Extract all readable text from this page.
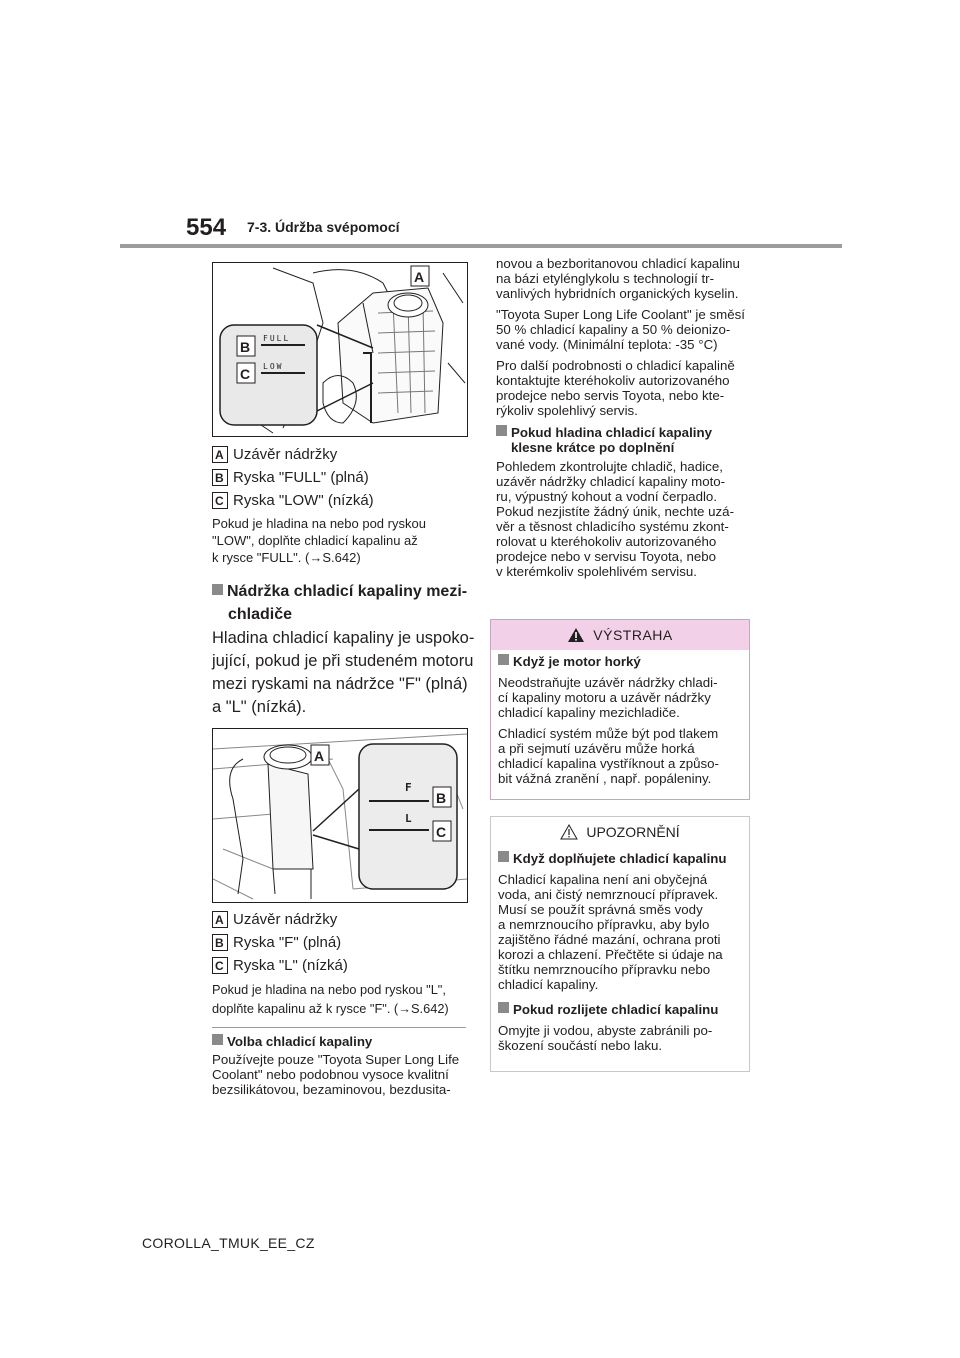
554 7-3. Údržba svépomocí
FULL
LOW
A
B
C
A Uzávěr nádržky
B Ryska "FULL" (plná)
C Ryska "LOW" (nízká)
Pokud je hladina na nebo pod ryskou
"LOW", doplňte chladicí kapalinu až
k rysce "FULL". (→S.642)
Nádržka chladicí kapaliny mezi-
chladiče
Hladina chladicí kapaliny je uspoko-
jující, pokud je při studeném motoru
mezi ryskami na nádržce "F" (plná)
a "L" (nízká).
F
L
A
B
C
A Uzávěr nádržky
B Ryska "F" (plná)
C Ryska "L" (nízká)
Pokud je hladina na nebo pod ryskou "L",
doplňte kapalinu až k rysce "F". (→S.642)
Volba chladicí kapaliny
Používejte pouze "Toyota Super Long Life
Coolant" nebo podobnou vysoce kvalitní
bezsilikátovou, bezaminovou, bezdusita-
novou a bezboritanovou chladicí kapalinu
na bázi etylénglykolu s technologií tr-
vanlivých hybridních organických kyselin.
"Toyota Super Long Life Coolant" je směsí
50 % chladicí kapaliny a 50 % deionizo-
vané vody. (Minimální teplota: -35 °C)
Pro další podrobnosti o chladicí kapalině
kontaktujte kteréhokoliv autorizovaného
prodejce nebo servis Toyota, nebo kte-
rýkoliv spolehlivý servis.
Pokud hladina chladicí kapaliny
klesne krátce po doplnění
Pohledem zkontrolujte chladič, hadice,
uzávěr nádržky chladicí kapaliny moto-
ru, výpustný kohout a vodní čerpadlo.
Pokud nezjistíte žádný únik, nechte uzá-
věr a těsnost chladicího systému zkont-
rolovat u kteréhokoliv autorizovaného
prodejce nebo v servisu Toyota, nebo
v kterémkoliv spolehlivém servisu.
VÝSTRAHA

Když je motor horký

Neodstraňujte uzávěr nádržky chladi-
cí kapaliny motoru a uzávěr nádržky
chladicí kapaliny mezichladiče.

Chladicí systém může být pod tlakem
a při sejmutí uzávěru může horká
chladicí kapalina vystříknout a způso-
bit vážná zranění , např. popáleniny.

UPOZORNĚNÍ

Když doplňujete chladicí kapalinu

Chladicí kapalina není ani obyčejná
voda, ani čistý nemrznoucí přípravek.
Musí se použít správná směs vody
a nemrznoucího přípravku, aby bylo
zajištěno řádné mazání, ochrana proti
korozi a chlazení. Přečtěte si údaje na
štítku nemrznoucího přípravku nebo
chladicí kapaliny.

Pokud rozlijete chladicí kapalinu

Omyjte ji vodou, abyste zabránili po-
škození součástí nebo laku.

COROLLA_TMUK_EE_CZ
